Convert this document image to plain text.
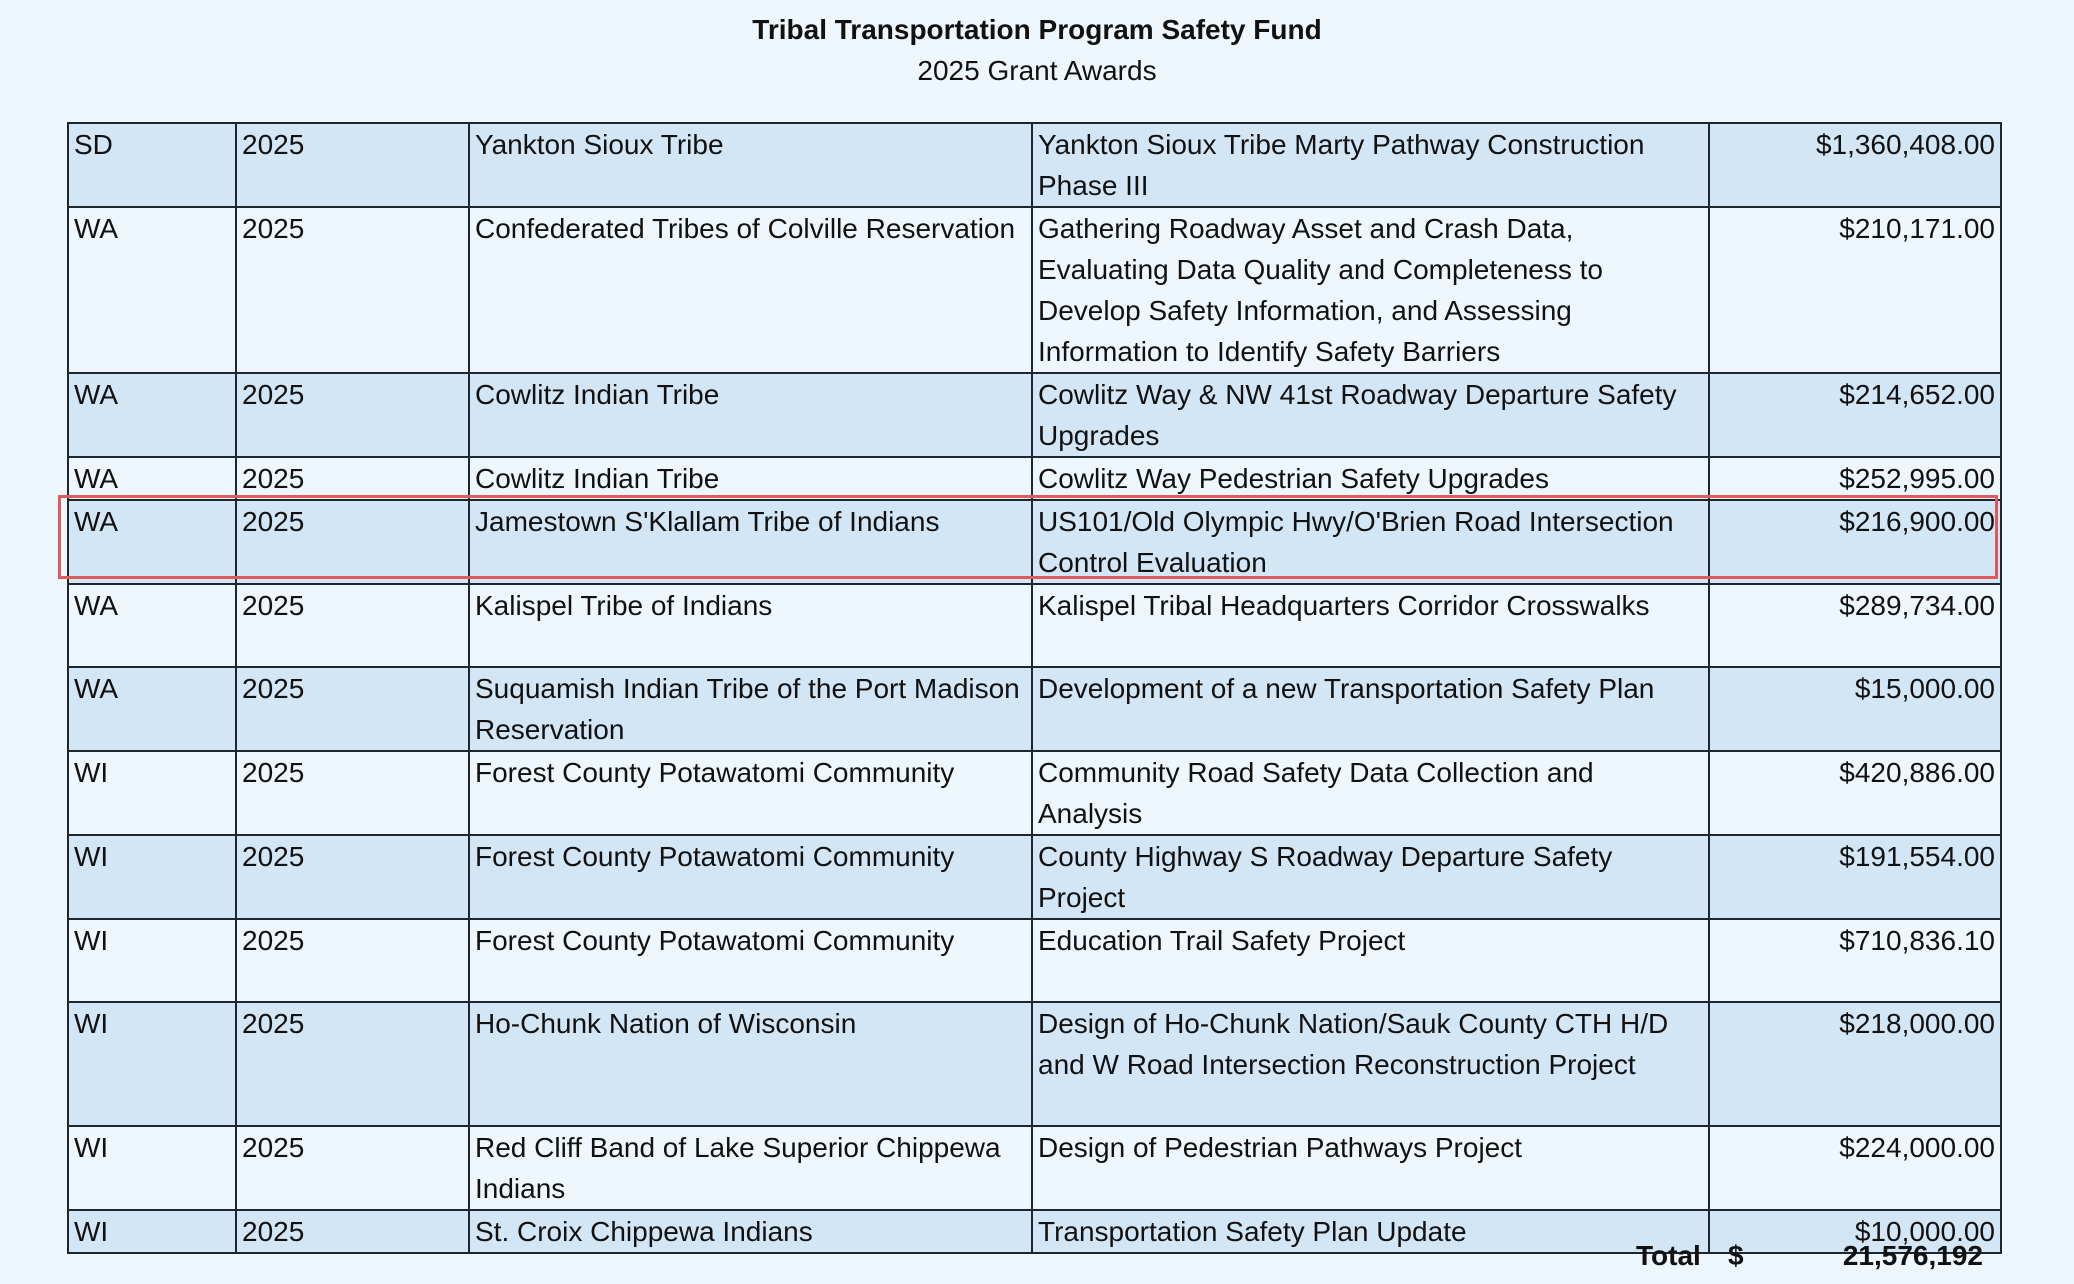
Tribal Transportation Program Safety Fund
2025 Grant Awards
SD	2025	Yankton Sioux Tribe	Yankton Sioux Tribe Marty Pathway Construction Phase III	$1,360,408.00
WA	2025	Confederated Tribes of Colville Reservation	Gathering Roadway Asset and Crash Data, Evaluating Data Quality and Completeness to Develop Safety Information, and Assessing Information to Identify Safety Barriers	$210,171.00
WA	2025	Cowlitz Indian Tribe	Cowlitz Way & NW 41st Roadway Departure Safety Upgrades	$214,652.00
WA	2025	Cowlitz Indian Tribe	Cowlitz Way Pedestrian Safety Upgrades	$252,995.00
WA	2025	Jamestown S'Klallam Tribe of Indians	US101/Old Olympic Hwy/O'Brien Road Intersection Control Evaluation	$216,900.00
WA	2025	Kalispel Tribe of Indians	Kalispel Tribal Headquarters Corridor Crosswalks	$289,734.00
WA	2025	Suquamish Indian Tribe of the Port Madison Reservation	Development of a new Transportation Safety Plan	$15,000.00
WI	2025	Forest County Potawatomi Community	Community Road Safety Data Collection and Analysis	$420,886.00
WI	2025	Forest County Potawatomi Community	County Highway S Roadway Departure Safety Project	$191,554.00
WI	2025	Forest County Potawatomi Community	Education Trail Safety Project	$710,836.10
WI	2025	Ho-Chunk Nation of Wisconsin	Design of Ho-Chunk Nation/Sauk County CTH H/D and W Road Intersection Reconstruction Project	$218,000.00
WI	2025	Red Cliff Band of Lake Superior Chippewa Indians	Design of Pedestrian Pathways Project	$224,000.00
WI	2025	St. Croix Chippewa Indians	Transportation Safety Plan Update	$10,000.00
Total $	21,576,192
